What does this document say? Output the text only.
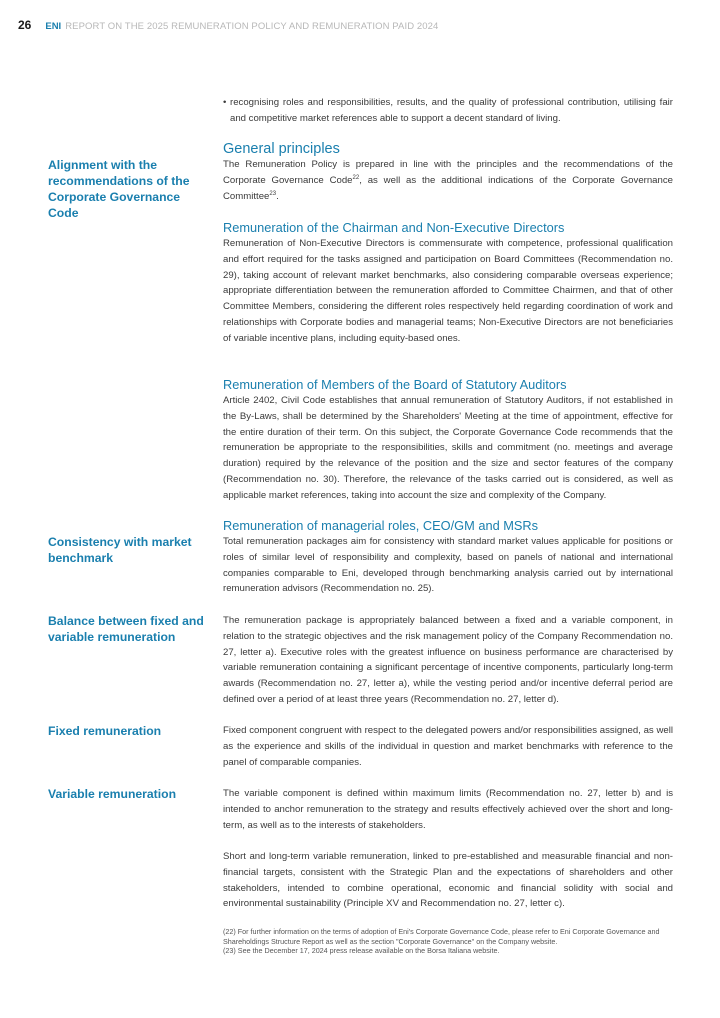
26 ENI REPORT ON THE 2025 REMUNERATION POLICY AND REMUNERATION PAID 2024
• recognising roles and responsibilities, results, and the quality of professional contribution, utilising fair and competitive market references able to support a decent standard of living.
General principles
The Remuneration Policy is prepared in line with the principles and the recommendations of the Corporate Governance Code$^{22}$, as well as the additional indications of the Corporate Governance Committee$^{23}$.
Alignment with the recommendations of the Corporate Governance Code
Remuneration of the Chairman and Non-Executive Directors
Remuneration of Non-Executive Directors is commensurate with competence, professional qualification and effort required for the tasks assigned and participation on Board Committees (Recommendation no. 29), taking account of relevant market benchmarks, also considering comparable overseas experience; appropriate differentiation between the remuneration afforded to Committee Chairmen, and that of other Committee Members, considering the different roles respectively held regarding coordination of work and relationships with Corporate bodies and managerial teams; Non-Executive Directors are not beneficiaries of variable incentive plans, including equity-based ones.
Remuneration of Members of the Board of Statutory Auditors
Article 2402, Civil Code establishes that annual remuneration of Statutory Auditors, if not established in the By-Laws, shall be determined by the Shareholders' Meeting at the time of appointment, effective for the entire duration of their term. On this subject, the Corporate Governance Code recommends that the remuneration be appropriate to the responsibilities, skills and commitment (no. meetings and average duration) required by the relevance of the position and the size and sector features of the company (Recommendation no. 30). Therefore, the relevance of the tasks carried out is considered, as well as applicable market references, taking into account the size and complexity of the Company.
Remuneration of managerial roles, CEO/GM and MSRs
Total remuneration packages aim for consistency with standard market values applicable for positions or roles of similar level of responsibility and complexity, based on panels of national and international companies comparable to Eni, developed through benchmarking analysis carried out by international remuneration advisors (Recommendation no. 25).
Consistency with market benchmark
The remuneration package is appropriately balanced between a fixed and a variable component, in relation to the strategic objectives and the risk management policy of the Company Recommendation no. 27, letter a). Executive roles with the greatest influence on business performance are characterised by variable remuneration containing a significant percentage of incentive components, particularly long-term awards (Recommendation no. 27, letter a), while the vesting period and/or incentive deferral period are defined over a period of at least three years (Recommendation no. 27, letter d).
Balance between fixed and variable remuneration
Fixed component congruent with respect to the delegated powers and/or responsibilities assigned, as well as the experience and skills of the individual in question and market benchmarks with reference to the panel of comparable companies.
Fixed remuneration
The variable component is defined within maximum limits (Recommendation no. 27, letter b) and is intended to anchor remuneration to the strategy and results effectively achieved over the short and long-term, as well as to the interests of stakeholders.
Variable remuneration
Short and long-term variable remuneration, linked to pre-established and measurable financial and non-financial targets, consistent with the Strategic Plan and the expectations of shareholders and other stakeholders, intended to combine operational, economic and financial solidity with social and environmental sustainability (Principle XV and Recommendation no. 27, letter c).
(22) For further information on the terms of adoption of Eni's Corporate Governance Code, please refer to Eni Corporate Governance and Shareholdings Structure Report as well as the section "Corporate Governance" on the Company website.
(23) See the December 17, 2024 press release available on the Borsa Italiana website.
